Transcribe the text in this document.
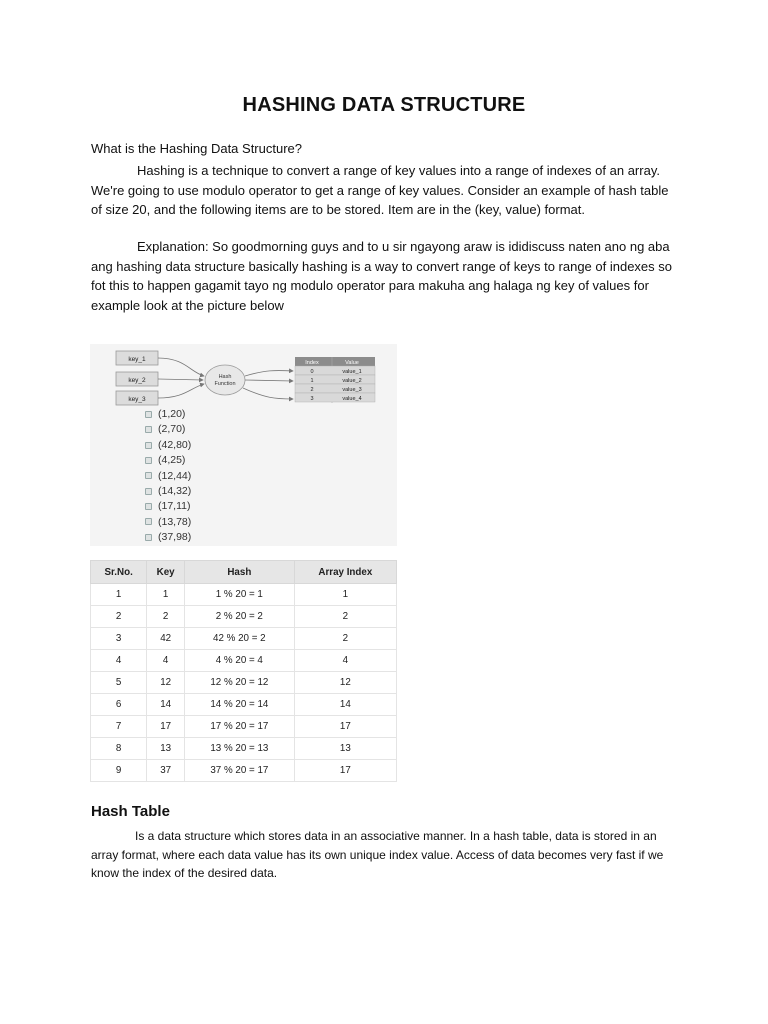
HASHING DATA STRUCTURE

What is the Hashing Data Structure?

Hashing is a technique to convert a range of key values into a range of indexes of an array. We're going to use modulo operator to get a range of key values. Consider an example of hash table of size 20, and the following items are to be stored. Item are in the (key, value) format.

Explanation: So goodmorning guys and to u sir ngayong araw is ididiscuss naten ano ng aba ang hashing data structure basically hashing is a way to convert range of keys to range of indexes so fot this to happen gagamit tayo ng modulo operator para makuha ang halaga ng key of values for example look at the picture below

key_1
key_2
key_3
Hash
Function
Index	Value
0	value_1
1	value_2
2	value_3
3	value_4
(1,20)
(2,70)
(42,80)
(4,25)
(12,44)
(14,32)
(17,11)
(13,78)
(37,98)
Sr.No.	Key	Hash	Array Index
1	1	1 % 20 = 1	1
2	2	2 % 20 = 2	2
3	42	42 % 20 = 2	2
4	4	4 % 20 = 4	4
5	12	12 % 20 = 12	12
6	14	14 % 20 = 14	14
7	17	17 % 20 = 17	17
8	13	13 % 20 = 13	13
9	37	37 % 20 = 17	17
Hash Table

Is a data structure which stores data in an associative manner. In a hash table, data is stored in an array format, where each data value has its own unique index value. Access of data becomes very fast if we know the index of the desired data.
